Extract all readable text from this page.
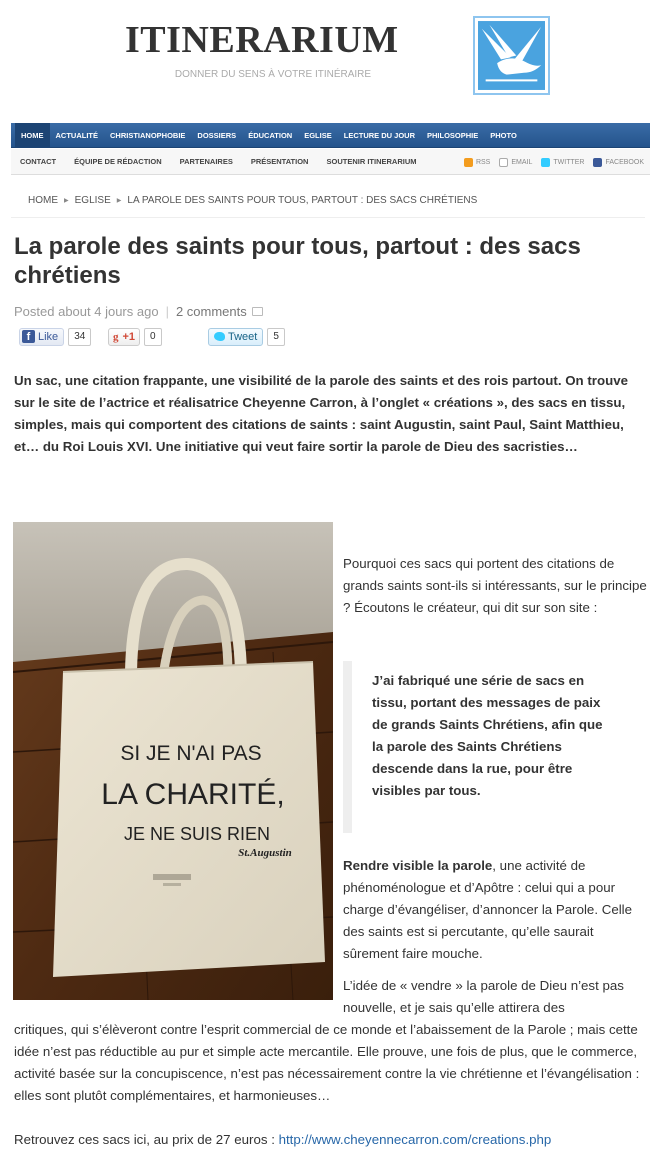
ITINERARIUM
DONNER DU SENS À VOTRE ITINÉRAIRE
HOME	ACTUALITÉ	CHRISTIANOPHOBIE	DOSSIERS	ÉDUCATION	EGLISE	LECTURE DU JOUR	PHILOSOPHIE	PHOTO
CONTACT	ÉQUIPE DE RÉDACTION	PARTENAIRES	PRÉSENTATION	SOUTENIR ITINERARIUM	RSS	EMAIL	TWITTER	FACEBOOK
HOME ▶ EGLISE ▶ LA PAROLE DES SAINTS POUR TOUS, PARTOUT : DES SACS CHRÉTIENS
La parole des saints pour tous, partout : des sacs chrétiens
Posted about 4 jours ago | 2 comments
f Like	34	g +1	0	Tweet	5

Un sac, une citation frappante, une visibilité de la parole des saints et des rois partout. On trouve sur le site de l’actrice et réalisatrice Cheyenne Carron, à l’onglet « créations », des sacs en tissu, simples, mais qui comportent des citations de saints : saint Augustin, saint Paul, Saint Matthieu, et… du Roi Louis XVI. Une initiative qui veut faire sortir la parole de Dieu des sacristies…

SI JE N'AI PAS
LA CHARITÉ,
JE NE SUIS RIEN
St.Augustin

Pourquoi ces sacs qui portent des citations de grands saints sont-ils si intéressants, sur le principe ? Écoutons le créateur, qui dit sur son site :

J’ai fabriqué une série de sacs en tissu, portant des messages de paix de grands Saints Chrétiens, afin que la parole des Saints Chrétiens descende dans la rue, pour être visibles par tous.

Rendre visible la parole, une activité de phénoménologue et d’Apôtre : celui qui a pour charge d’évangéliser, d’annoncer la Parole. Celle des saints est si percutante, qu’elle saurait sûrement faire mouche.

L’idée de « vendre » la parole de Dieu n’est pas nouvelle, et je sais qu’elle attirera des

critiques, qui s’élèveront contre l’esprit commercial de ce monde et l’abaissement de la Parole ; mais cette idée n’est pas réductible au pur et simple acte mercantile. Elle prouve, une fois de plus, que le commerce, activité basée sur la concupiscence, n’est pas nécessairement contre la vie chrétienne et l’évangélisation : elles sont plutôt complémentaires, et harmonieuses…

Retrouvez ces sacs ici, au prix de 27 euros : http://www.cheyennecarron.com/creations.php
